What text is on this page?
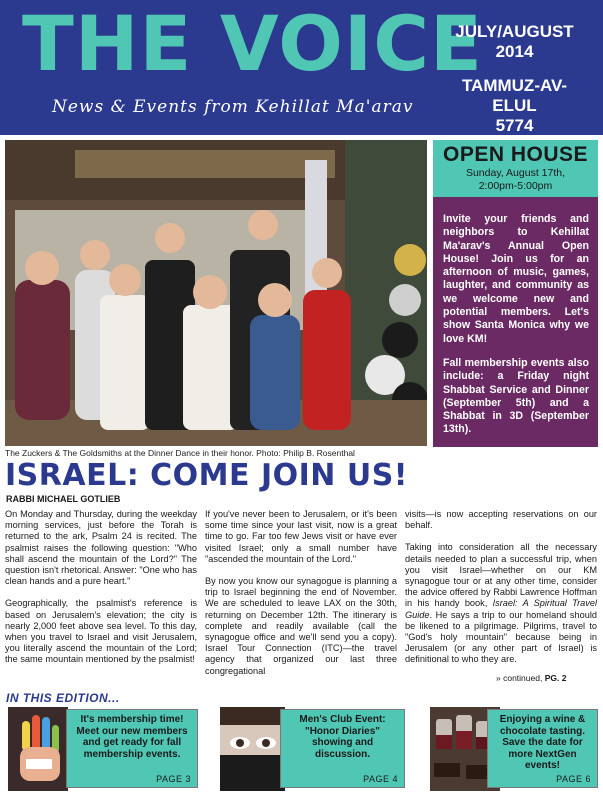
THE VOICE
News & Events from Kehillat Ma'arav
JULY/AUGUST
2014
TAMMUZ-AV-ELUL
5774
The Zuckers & The Goldsmiths at the Dinner Dance in their honor. Photo: Philip B. Rosenthal
OPEN HOUSE
Sunday, August 17th,
2:00pm-5:00pm

Invite your friends and neighbors to Kehillat Ma'arav's Annual Open House! Join us for an afternoon of music, games, laughter, and community as we welcome new and potential members. Let's show Santa Monica why we love KM!

Fall membership events also include: a Friday night Shabbat Service and Dinner (September 5th) and a Shabbat in 3D (September 13th).

ISRAEL: COME JOIN US!
RABBI MICHAEL GOTLIEB

On Monday and Thursday, during the weekday morning services, just before the Torah is returned to the ark, Psalm 24 is recited. The psalmist raises the following question: "Who shall ascend the mountain of the Lord?" The question isn't rhetorical. Answer: "One who has clean hands and a pure heart."

Geographically, the psalmist's reference is based on Jerusalem's elevation; the city is nearly 2,000 feet above sea level. To this day, when you travel to Israel and visit Jerusalem, you literally ascend the mountain of the Lord; the same mountain mentioned by the psalmist!

If you've never been to Jerusalem, or it's been some time since your last visit, now is a great time to go. Far too few Jews visit or have ever visited Israel; only a small number have "ascended the mountain of the Lord."

By now you know our synagogue is planning a trip to Israel beginning the end of November. We are scheduled to leave LAX on the 30th, returning on December 12th. The itinerary is complete and readily available (call the synagogue office and we'll send you a copy). Israel Tour Connection (ITC)—the travel agency that organized our last three congregational

visits—is now accepting reservations on our behalf.

Taking into consideration all the necessary details needed to plan a successful trip, when you visit Israel—whether on our KM synagogue tour or at any other time, consider the advice offered by Rabbi Lawrence Hoffman in his handy book, Israel: A Spiritual Travel Guide. He says a trip to our homeland should be likened to a pilgrimage. Pilgrims, travel to "God's holy mountain" because being in Jerusalem (or any other part of Israel) is definitional to who they are.

» continued, PG. 2
IN THIS EDITION...
It's membership time! Meet our new members and get ready for fall membership events.
PAGE 3
Men's Club Event: "Honor Diaries" showing and discussion.
PAGE 4
Enjoying a wine & chocolate tasting. Save the date for more NextGen events!
PAGE 6
